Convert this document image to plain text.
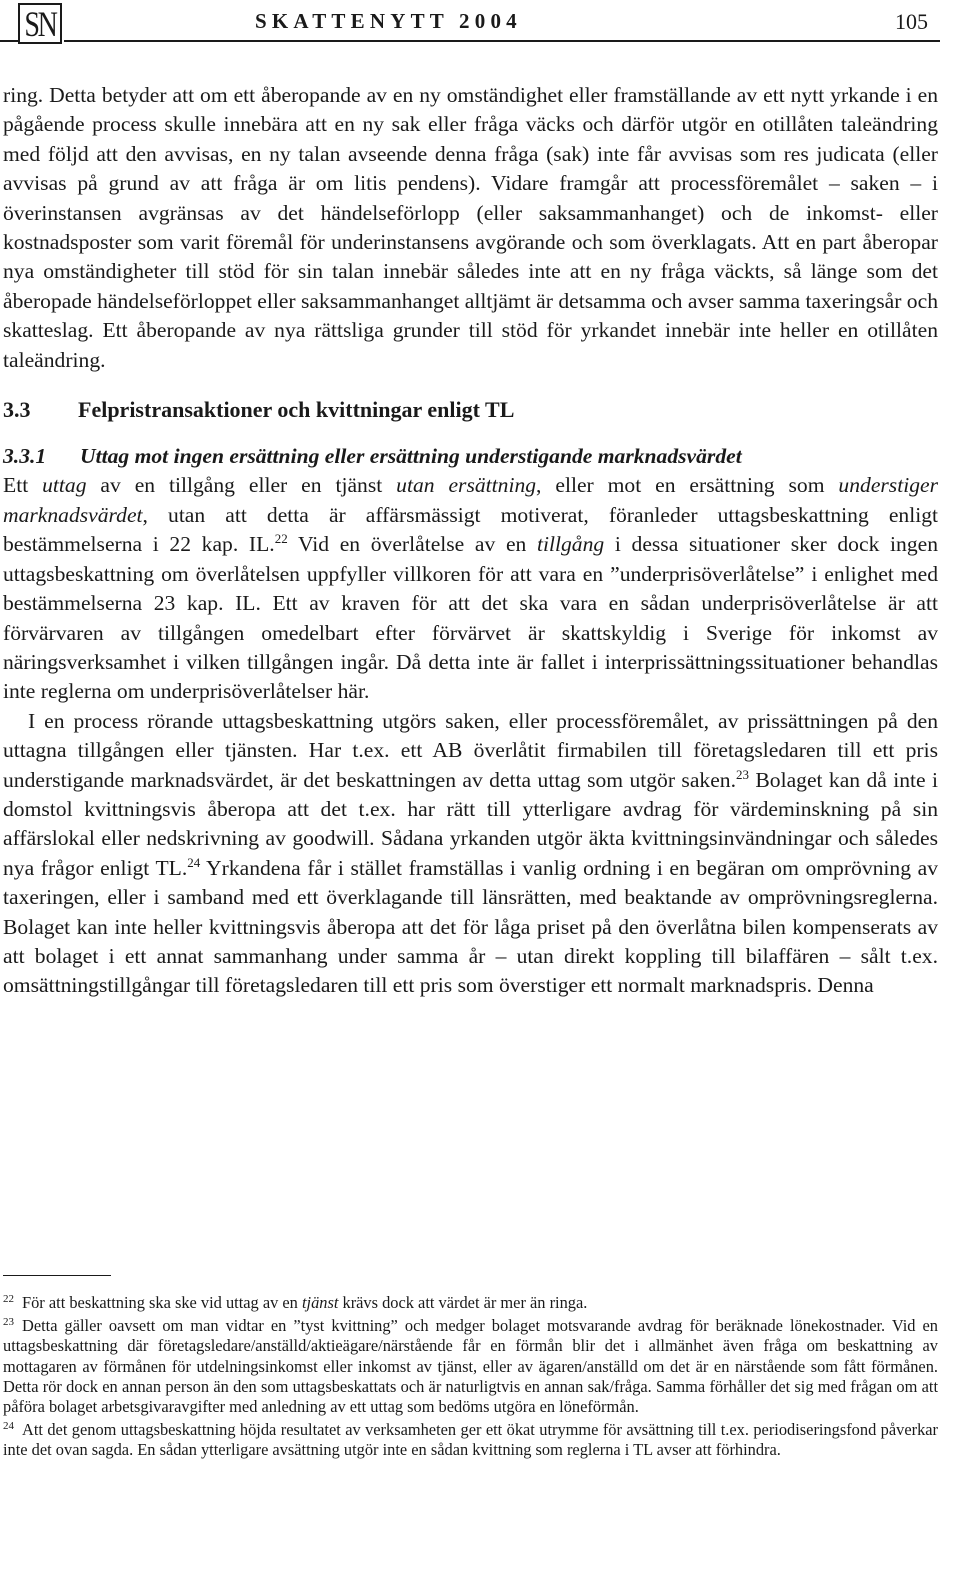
SN	SKATTENYTT 2004	105

ring. Detta betyder att om ett åberopande av en ny omständighet eller framställande av ett nytt yrkande i en pågående process skulle innebära att en ny sak eller fråga väcks och därför utgör en otillåten taleändring med följd att den avvisas, en ny talan avseende denna fråga (sak) inte får avvisas som res judicata (eller avvisas på grund av att fråga är om litis pendens). Vidare framgår att processföremålet – saken – i överinstansen avgränsas av det händelseförlopp (eller saksammanhanget) och de inkomst- eller kostnadsposter som varit föremål för underinstansens avgörande och som överklagats. Att en part åberopar nya omständigheter till stöd för sin talan innebär således inte att en ny fråga väckts, så länge som det åberopade händelseförloppet eller saksammanhanget alltjämt är detsamma och avser samma taxeringsår och skatteslag. Ett åberopande av nya rättsliga grunder till stöd för yrkandet innebär inte heller en otillåten taleändring.

3.3	Felpristransaktioner och kvittningar enligt TL
3.3.1	Uttag mot ingen ersättning eller ersättning understigande marknadsvärdet

Ett uttag av en tillgång eller en tjänst utan ersättning, eller mot en ersättning som understiger marknadsvärdet, utan att detta är affärsmässigt motiverat, föranleder uttagsbeskattning enligt bestämmelserna i 22 kap. IL.$^{22}$ Vid en överlåtelse av en tillgång i dessa situationer sker dock ingen uttagsbeskattning om överlåtelsen uppfyller villkoren för att vara en ”underprisöverlåtelse” i enlighet med bestämmelserna 23 kap. IL. Ett av kraven för att det ska vara en sådan underprisöverlåtelse är att förvärvaren av tillgången omedelbart efter förvärvet är skattskyldig i Sverige för inkomst av näringsverksamhet i vilken tillgången ingår. Då detta inte är fallet i interprissättningssituationer behandlas inte reglerna om underprisöverlåtelser här.

I en process rörande uttagsbeskattning utgörs saken, eller processföremålet, av prissättningen på den uttagna tillgången eller tjänsten. Har t.ex. ett AB överlåtit firmabilen till företagsledaren till ett pris understigande marknadsvärdet, är det beskattningen av detta uttag som utgör saken.$^{23}$ Bolaget kan då inte i domstol kvittningsvis åberopa att det t.ex. har rätt till ytterligare avdrag för värdeminskning på sin affärslokal eller nedskrivning av goodwill. Sådana yrkanden utgör äkta kvittningsinvändningar och således nya frågor enligt TL.$^{24}$ Yrkandena får i stället framställas i vanlig ordning i en begäran om omprövning av taxeringen, eller i samband med ett överklagande till länsrätten, med beaktande av omprövningsreglerna. Bolaget kan inte heller kvittningsvis åberopa att det för låga priset på den överlåtna bilen kompenserats av att bolaget i ett annat sammanhang under samma år – utan direkt koppling till bilaffären – sålt t.ex. omsättningstillgångar till företagsledaren till ett pris som överstiger ett normalt marknadspris. Denna

$^{22}$ För att beskattning ska ske vid uttag av en tjänst krävs dock att värdet är mer än ringa.

$^{23}$ Detta gäller oavsett om man vidtar en ”tyst kvittning” och medger bolaget motsvarande avdrag för beräknade lönekostnader. Vid en uttagsbeskattning där företagsledare/anställd/aktieägare/närstående får en förmån blir det i allmänhet även fråga om beskattning av mottagaren av förmånen för utdelningsinkomst eller inkomst av tjänst, eller av ägaren/anställd om det är en närstående som fått förmånen. Detta rör dock en annan person än den som uttagsbeskattats och är naturligtvis en annan sak/fråga. Samma förhåller det sig med frågan om att påföra bolaget arbetsgivaravgifter med anledning av ett uttag som bedöms utgöra en löneförmån.

$^{24}$ Att det genom uttagsbeskattning höjda resultatet av verksamheten ger ett ökat utrymme för avsättning till t.ex. periodiseringsfond påverkar inte det ovan sagda. En sådan ytterligare avsättning utgör inte en sådan kvittning som reglerna i TL avser att förhindra.
